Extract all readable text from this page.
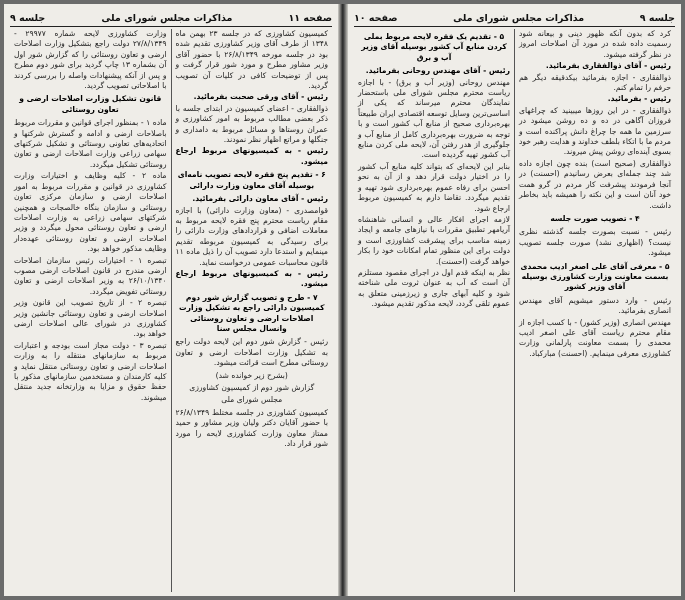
صفحه ۱۱
مذاکرات مجلس شورای ملی
جلسه ۹

کمیسیون کشاورزی که در جلسه ۲۳ بهمن ماه ۱۳۴۸ از طرف آقای وزیر کشاورزی تقدیم شده بود در جلسه مورخه ۲۶/۸/۱۳۴۹ با حضور آقای وزیر مشاور مطرح و مورد شور قرار گرفت و پس از توضیحات کافی در کلیات آن تصویب گردید.

رئیس - آقای ورقی صحبت بفرمائید.

ذوالفقاری - اعضای کمیسیون در ابتدای جلسه با ذکر بعضی مطالب مربوط به امور کشاورزی و عمران روستاها و مسائل مربوط به دامداری و جنگلها و مراتع اظهار نظر نمودند.

رئیس - به کمیسیونهای مربوط ارجاع میشود.

۶ - تقدیم پنج فقره لایحه تصویب نامه‌ای بوسیله آقای معاون وزارت دارائی

رئیس - آقای معاون دارائی بفرمائید.

قوامصدری - (معاون وزارت دارائی) با اجازه مقام ریاست محترم پنج فقره لایحه مربوط به معاملات اضافی و قراردادهای وزارت دارائی را برای رسیدگی به کمیسیون مربوطه تقدیم مینمایم و استدعا دارد تصویب آن را ذیل ماده ۱۱ قانون محاسبات عمومی درخواست نماید.

رئیس - به کمیسیونهای مربوط ارجاع میشود.

۷ - طرح و تصویب گزارش شور دوم کمیسیون دارائی راجع به تشکیل وزارت اصلاحات ارضی و تعاون روستائی وانسال مجلس سنا

رئیس - گزارش شور دوم این لایحه دولت راجع به تشکیل وزارت اصلاحات ارضی و تعاون روستائی مطرح است قرائت میشود.

(بشرح زیر خوانده شد)

گزارش شور دوم از کمیسیون کشاورزی

مجلس شورای ملی

کمیسیون کشاورزی در جلسه مختلط ۲۶/۸/۱۳۴۹ با حضور آقایان دکتر ولیان وزیر مشاور و حمید ممتاز معاون وزارت کشاورزی لایحه را مورد شور قرار داد.

وزارت کشاورزی لایحه شماره ۲۹۹۷۷ - ۲۷/۸/۱۳۴۹ دولت راجع بتشکیل وزارت اصلاحات ارضی و تعاون روستائی را که گزارش شور اول آن بشماره ۱۳ چاپ گردید برای شور دوم مطرح و پس از آنکه پیشنهادات واصله را بررسی کردند با اصلاحاتی تصویب گردید.

قانون تشکیل وزارت اصلاحات ارضی و تعاون روستائی

ماده ۱ - بمنظور اجرای قوانین و مقررات مربوط باصلاحات ارضی و ادامه و گسترش شرکتها و اتحادیه‌های تعاونی روستائی و تشکیل شرکتهای سهامی زراعی وزارت اصلاحات ارضی و تعاون روستائی تشکیل میگردد.

ماده ۲ - کلیه وظایف و اختیارات وزارت کشاورزی در قوانین و مقررات مربوط به امور اصلاحات ارضی و سازمان مرکزی تعاون روستائی و سازمان بنگاه خالصجات و همچنین شرکتهای سهامی زراعی به وزارت اصلاحات ارضی و تعاون روستائی محول میگردد و وزیر اصلاحات ارضی و تعاون روستائی عهده‌دار وظایف مذکور خواهد بود.

تبصره ۱ - اختیارات رئیس سازمان اصلاحات ارضی مندرج در قانون اصلاحات ارضی مصوب ۲۶/۱۰/۱۳۴۰ به وزیر اصلاحات ارضی و تعاون روستائی تفویض میگردد.

تبصره ۲ - از تاریخ تصویب این قانون وزیر اصلاحات ارضی و تعاون روستائی جانشین وزیر کشاورزی در شورای عالی اصلاحات ارضی خواهد بود.

تبصره ۳ - دولت مجاز است بودجه و اعتبارات مربوط به سازمانهای منتقله را به وزارت اصلاحات ارضی و تعاون روستائی منتقل نماید و کلیه کارمندان و مستخدمین سازمانهای مذکور با حفظ حقوق و مزایا به وزارتخانه جدید منتقل میشوند.

جلسه ۹
مذاکرات مجلس شورای ملی
صفحه ۱۰

کرد که بدون آنکه ظهور دینی و بیعانه شود رسمیت داده شده در مورد آن اصلاحات امروز در نظر گرفته میشود.

رئیس - آقای ذوالفقاری بفرمائید.

ذوالفقاری - اجازه بفرمائید بیکدقیقه دیگر هم حرفم را تمام کنم.

رئیس - بفرمائید.

ذوالفقاری - در این روزها میبینید که چراغهای فروزان آگاهی در ده و ده روشن میشود در سرزمین ما همه جا چراغ دانش پراکنده است و مردم ما با اتکاء بلطف خداوند و هدایت رهبر خود بسوی آینده‌ای روشن پیش میروند.

ذوالفقاری (صحیح است) بنده چون اجازه داده شد چند جمله‌ای بعرض رسانیدم (احسنت) در آنجا فرمودند پیشرفت کار مردم در گرو همت خود آنان است و این نکته را همیشه باید بخاطر داشت.

۴ - تصویب صورت جلسه

رئیس - نسبت بصورت جلسه گذشته نظری نیست؟ (اظهاری نشد) صورت جلسه تصویب میشود.

۵ - معرفی آقای علی اصغر ادیب محمدی بسمت معاونت وزارت کشاورزی بوسیله آقای وزیر کشور

رئیس - وارد دستور میشویم آقای مهندس انصاری بفرمائید.

مهندس انصاری (وزیر کشور) - با کسب اجازه از مقام محترم ریاست آقای علی اصغر ادیب محمدی را بسمت معاونت پارلمانی وزارت کشاورزی معرفی مینمایم. (احسنت) مبارکباد.

۵ - تقدیم یک فقره لایحه مربوط بملی کردن منابع آب کشور بوسیله آقای وزیر آب و برق

رئیس - آقای مهندس روحانی بفرمائید.

مهندس روحانی (وزیر آب و برق) - با اجازه ریاست محترم مجلس شورای ملی باستحضار نمایندگان محترم میرساند که یکی از اساسی‌ترین وسایل توسعه اقتصادی ایران طبیعتاً بهره‌برداری صحیح از منابع آب کشور است و با توجه به ضرورت بهره‌برداری کامل از منابع آب و جلوگیری از هدر رفتن آن، لایحه ملی کردن منابع آب کشور تهیه گردیده است.

بنابر این لایحه‌ای که بتواند کلیه منابع آب کشور را در اختیار دولت قرار دهد و از آن به نحو احسن برای رفاه عموم بهره‌برداری شود تهیه و تقدیم میگردد. تقاضا دارم به کمیسیون مربوط ارجاع شود.

لازمه اجرای افکار عالی و انسانی شاهنشاه آریامهر تطبیق مقررات با نیازهای جامعه و ایجاد زمینه مناسب برای پیشرفت کشاورزی است و دولت برای این منظور تمام امکانات خود را بکار خواهد گرفت (احسنت).

نظر به اینکه قدم اول در اجرای مقصود مستلزم آن است که آب به عنوان ثروت ملی شناخته شود و کلیه آبهای جاری و زیرزمینی متعلق به عموم تلقی گردد، لایحه مذکور تقدیم میشود.
